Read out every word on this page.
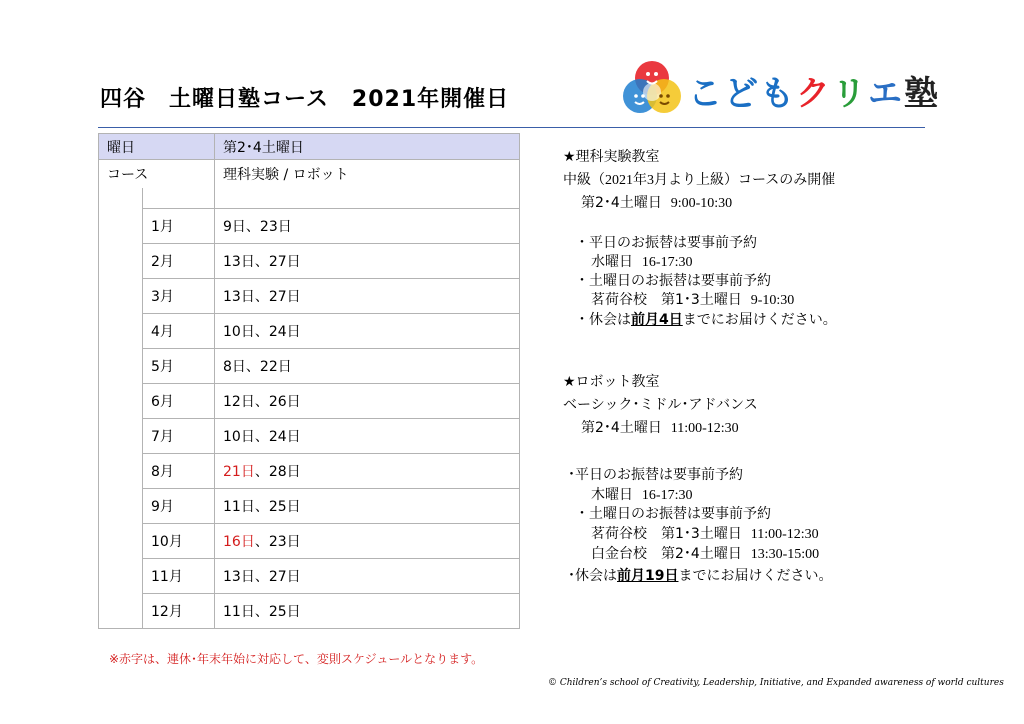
四谷　土曜日塾コース　2021年開催日	こどもクリエ塾
曜日		第2･4土曜日
コース		理科実験 / ロボット

	1月	9日、23日
	2月	13日、27日
	3月	13日、27日
	4月	10日、24日
	5月	8日、22日
	6月	12日、26日
	7月	10日、24日
	8月	21日、28日
	9月	11日、25日
	10月	16日、23日
	11月	13日、27日
	12月	11日、25日
※赤字は、連休･年末年始に対応して、変則スケジュールとなります。
© Children’s school of Creativity, Leadership, Initiative, and Expanded awareness of world cultures
★理科実験教室
中級（2021年3月より上級）コースのみ開催
第2･4土曜日 9:00-10:30
・平日のお振替は要事前予約
水曜日 16-17:30
・土曜日のお振替は要事前予約
茗荷谷校　第1･3土曜日 9-10:30
・休会は前月4日までにお届けください。
★ロボット教室
ベーシック･ミドル･アドバンス
第2･4土曜日 11:00-12:30
･平日のお振替は要事前予約
木曜日 16-17:30
・土曜日のお振替は要事前予約
茗荷谷校　第1･3土曜日 11:00-12:30
白金台校　第2･4土曜日 13:30-15:00
･休会は前月19日までにお届けください。
